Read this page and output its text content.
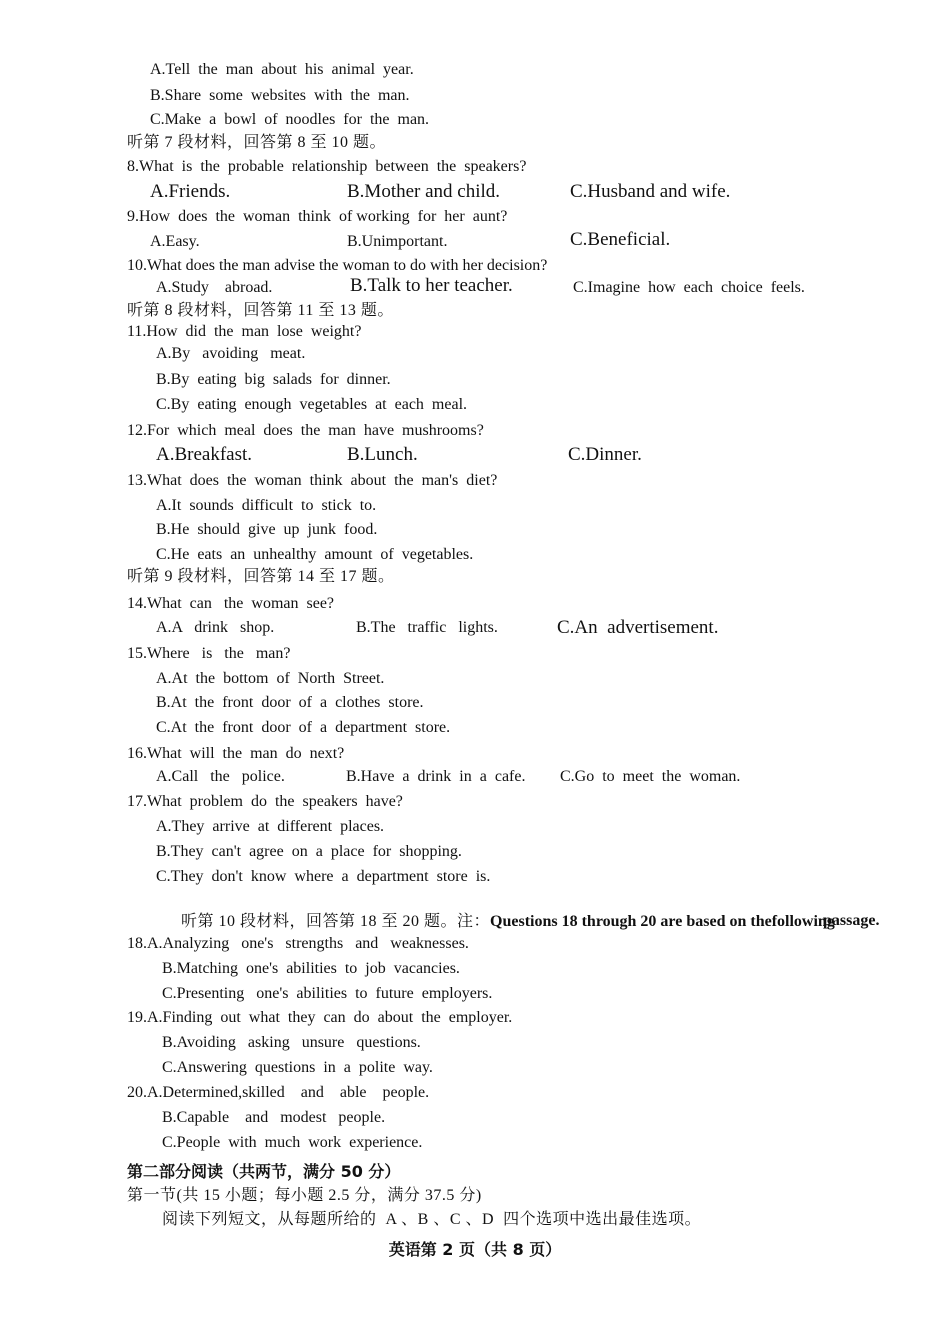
A.Tell  the  man  about  his  animal  year.
B.Share  some  websites  with  the  man.
C.Make  a  bowl  of  noodles  for  the  man.
听第 7 段材料，回答第 8 至 10 题。
8.What  is  the  probable  relationship  between  the  speakers?
A.Friends.	B.Mother and child.	C.Husband and wife.
9.How  does  the  woman  think  of working  for  her  aunt?
A.Easy.	B.Unimportant.	C.Beneficial.
10.What does the man advise the woman to do with her decision?
A.Study    abroad.	B.Talk to her teacher.	C.Imagine  how  each  choice  feels.
听第 8 段材料，回答第 11 至 13 题。
11.How  did  the  man  lose  weight?
A.By   avoiding   meat.
B.By  eating  big  salads  for  dinner.
C.By  eating  enough  vegetables  at  each  meal.
12.For  which  meal  does  the  man  have  mushrooms?
A.Breakfast.	B.Lunch.	C.Dinner.
13.What  does  the  woman  think  about  the  man's  diet?
A.It  sounds  difficult  to  stick  to.
B.He  should  give  up  junk  food.
C.He  eats  an  unhealthy  amount  of  vegetables.
听第 9 段材料，回答第 14 至 17 题。
14.What  can   the  woman  see?
A.A   drink   shop.	B.The   traffic   lights.	C.An  advertisement.
15.Where   is   the   man?
A.At  the  bottom  of  North  Street.
B.At  the  front  door  of  a  clothes  store.
C.At  the  front  door  of  a  department  store.
16.What  will  the  man  do  next?
A.Call   the   police.	B.Have  a  drink  in  a  cafe. C.Go  to  meet  the  woman.
17.What  problem  do  the  speakers  have?
A.They  arrive  at  different  places.
B.They  can't  agree  on  a  place  for  shopping.
C.They  don't  know  where  a  department  store  is.

听第 10 段材料，回答第 18 至 20 题。注：Questions 18 through 20 are based on thefollowing

passage.
18.A.Analyzing   one's   strengths   and   weaknesses.
B.Matching  one's  abilities  to  job  vacancies.
C.Presenting   one's  abilities  to  future  employers.
19.A.Finding  out  what  they  can  do  about  the  employer.
B.Avoiding   asking   unsure   questions.
C.Answering  questions  in  a  polite  way.
20.A.Determined,skilled    and    able    people.
B.Capable    and   modest   people.
C.People  with  much  work  experience.
第二部分阅读（共两节，满分 50 分）
第一节(共 15 小题；每小题 2.5 分，满分 37.5 分)
阅读下列短文，从每题所给的  A 、B 、C 、D  四个选项中选出最佳选项。
英语第 2 页（共 8 页）
